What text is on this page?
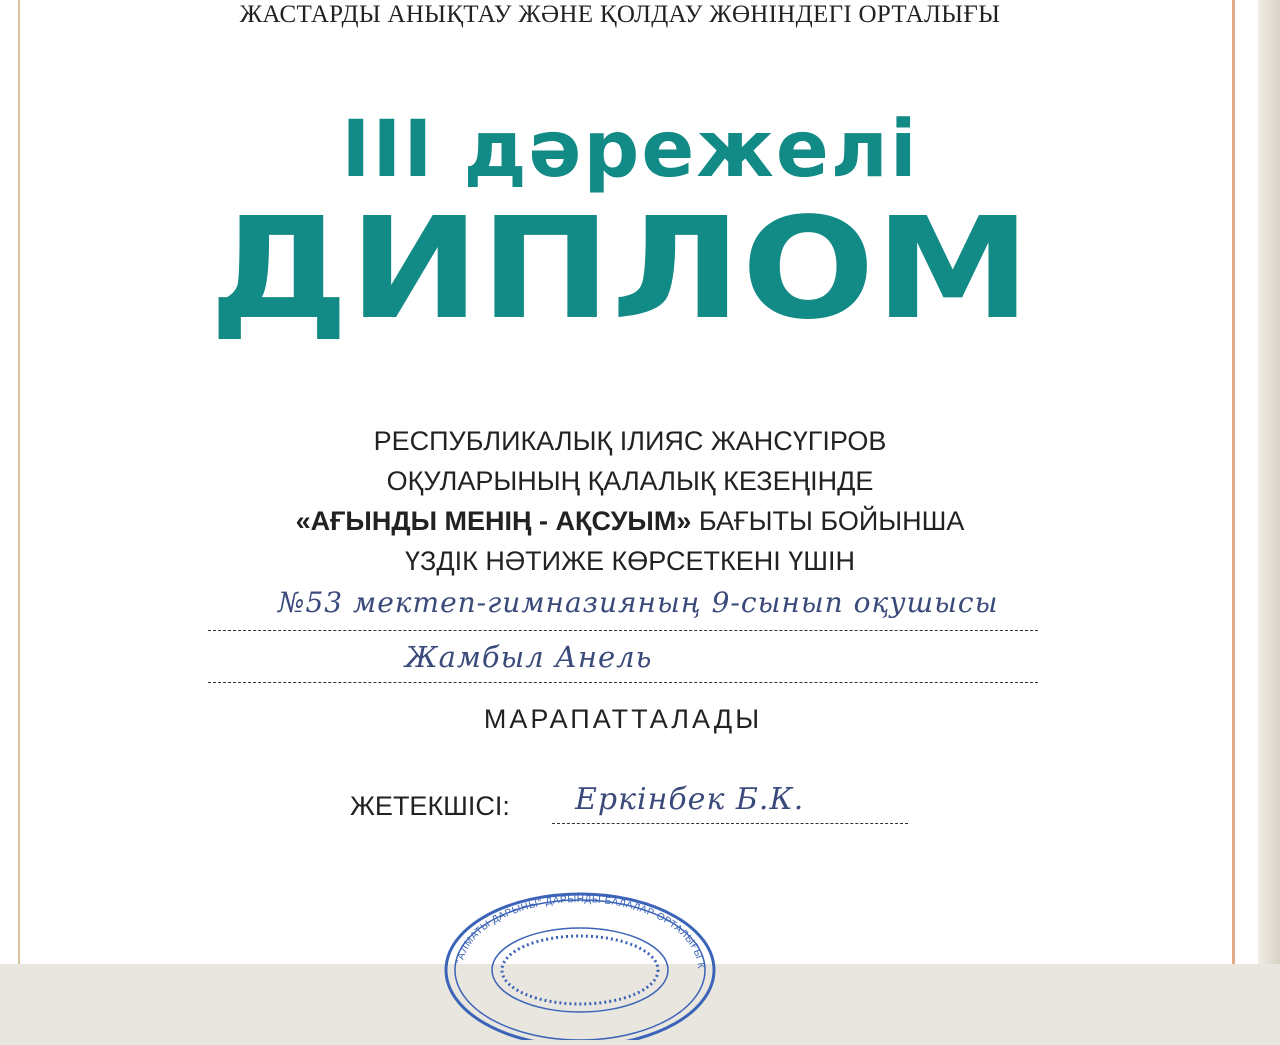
ЖАСТАРДЫ АНЫҚТАУ ЖӘНЕ ҚОЛДАУ ЖӨНІНДЕГІ ОРТАЛЫҒЫ
III дәрежелі
ДИПЛОМ
РЕСПУБЛИКАЛЫҚ ІЛИЯС ЖАНСҮГІРОВ
ОҚУЛАРЫНЫҢ ҚАЛАЛЫҚ КЕЗЕҢІНДЕ
«АҒЫНДЫ МЕНІҢ - АҚСУЫМ» БАҒЫТЫ БОЙЫНША
ҮЗДІК НӘТИЖЕ КӨРСЕТКЕНІ ҮШІН
№53 мектеп-гимназияның 9-сынып оқушысы
Жамбыл Анель
МАРАПАТТАЛАДЫ
ЖЕТЕКШІСІ:	Еркінбек Б.К.
"АЛМАТЫ ДАРЫНЫ" ДАРЫНДЫ БАЛАЛАР ОРТАЛЫҒЫ К
